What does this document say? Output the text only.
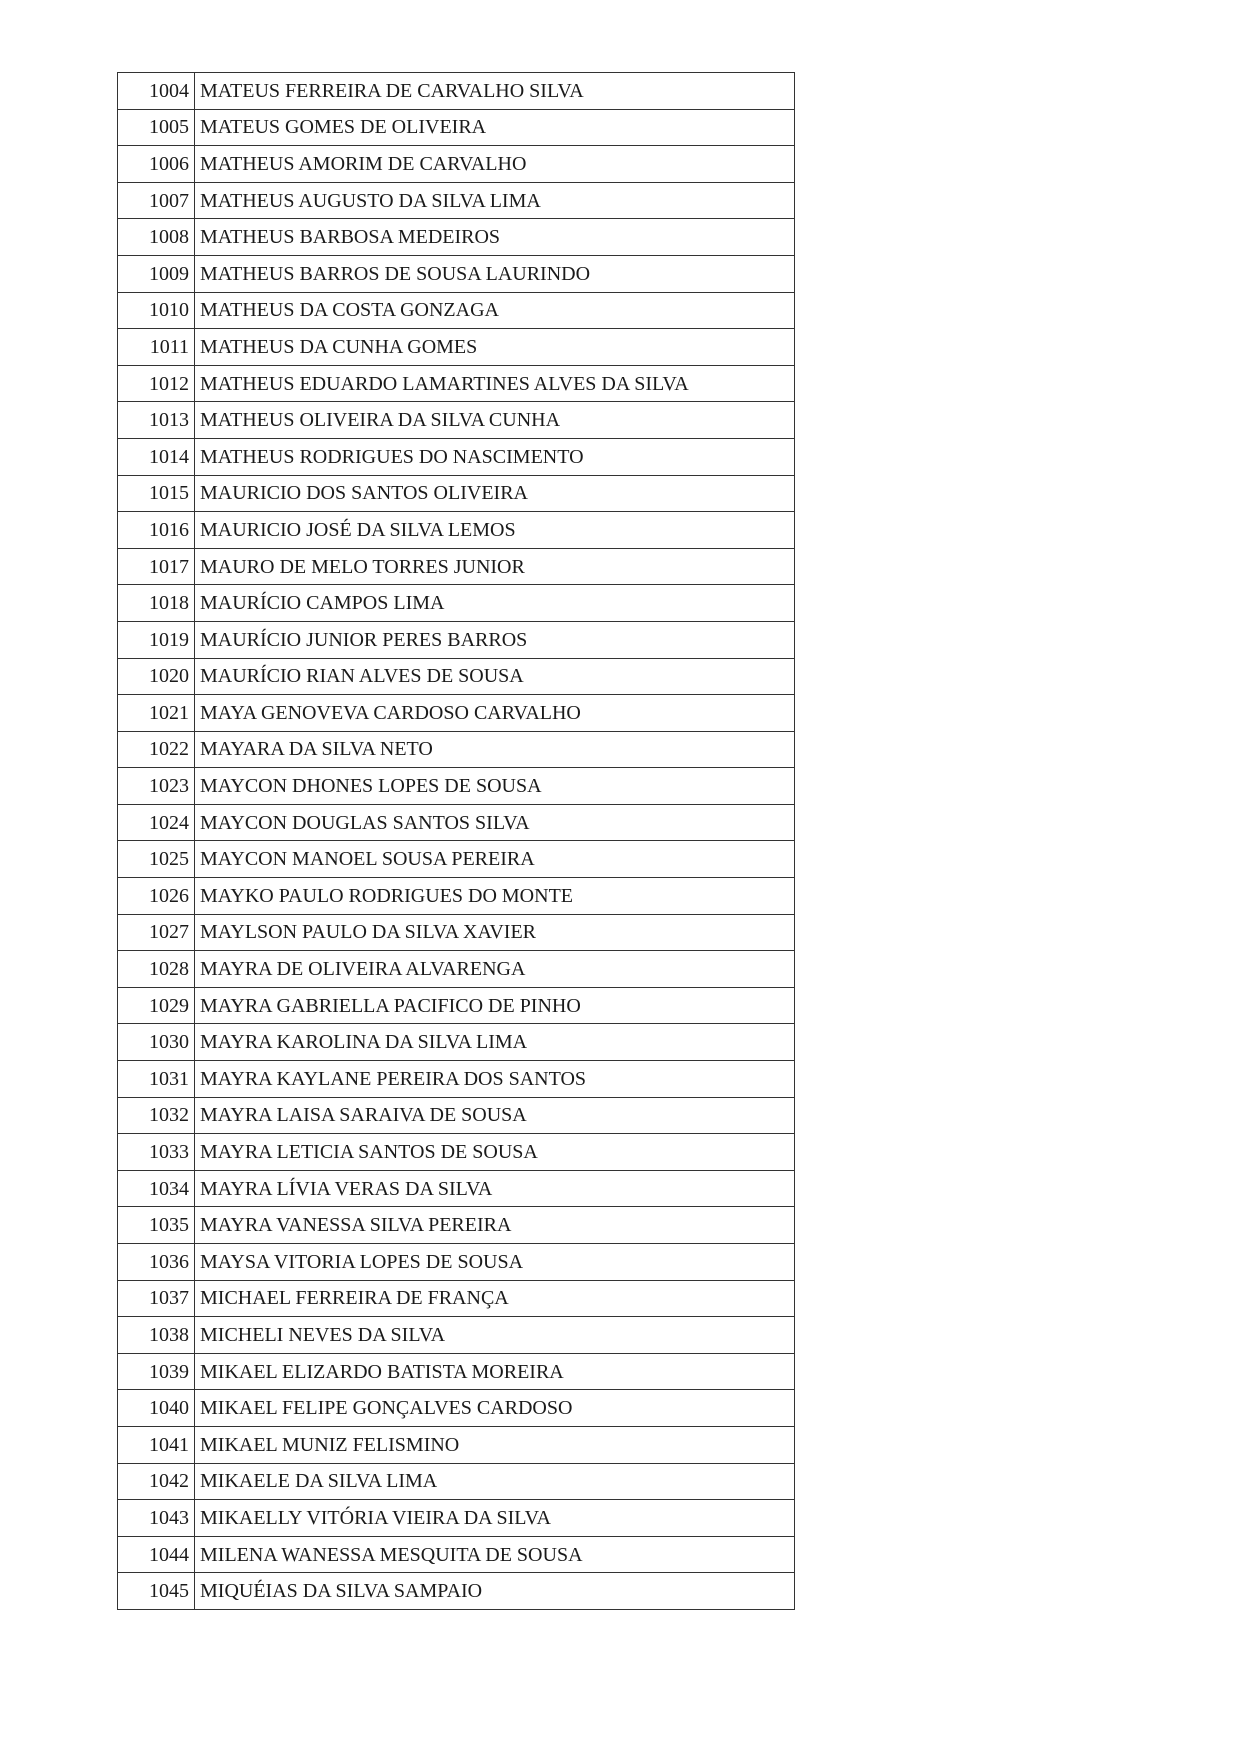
1004	MATEUS FERREIRA DE CARVALHO SILVA
1005	MATEUS GOMES DE OLIVEIRA
1006	MATHEUS AMORIM DE CARVALHO
1007	MATHEUS AUGUSTO DA SILVA LIMA
1008	MATHEUS BARBOSA MEDEIROS
1009	MATHEUS BARROS DE SOUSA LAURINDO
1010	MATHEUS DA COSTA GONZAGA
1011	MATHEUS DA CUNHA GOMES
1012	MATHEUS EDUARDO LAMARTINES ALVES DA SILVA
1013	MATHEUS OLIVEIRA DA SILVA CUNHA
1014	MATHEUS RODRIGUES DO NASCIMENTO
1015	MAURICIO DOS SANTOS OLIVEIRA
1016	MAURICIO JOSÉ DA SILVA LEMOS
1017	MAURO DE MELO TORRES JUNIOR
1018	MAURÍCIO CAMPOS LIMA
1019	MAURÍCIO JUNIOR PERES BARROS
1020	MAURÍCIO RIAN ALVES DE SOUSA
1021	MAYA GENOVEVA CARDOSO CARVALHO
1022	MAYARA DA SILVA NETO
1023	MAYCON DHONES LOPES DE SOUSA
1024	MAYCON DOUGLAS SANTOS SILVA
1025	MAYCON MANOEL SOUSA PEREIRA
1026	MAYKO PAULO RODRIGUES DO MONTE
1027	MAYLSON PAULO DA SILVA XAVIER
1028	MAYRA DE OLIVEIRA ALVARENGA
1029	MAYRA GABRIELLA PACIFICO DE PINHO
1030	MAYRA KAROLINA DA SILVA LIMA
1031	MAYRA KAYLANE PEREIRA DOS SANTOS
1032	MAYRA LAISA SARAIVA DE SOUSA
1033	MAYRA LETICIA SANTOS DE SOUSA
1034	MAYRA LÍVIA VERAS DA SILVA
1035	MAYRA VANESSA SILVA PEREIRA
1036	MAYSA VITORIA LOPES DE SOUSA
1037	MICHAEL FERREIRA DE FRANÇA
1038	MICHELI NEVES DA SILVA
1039	MIKAEL ELIZARDO BATISTA MOREIRA
1040	MIKAEL FELIPE GONÇALVES CARDOSO
1041	MIKAEL MUNIZ FELISMINO
1042	MIKAELE DA SILVA LIMA
1043	MIKAELLY VITÓRIA VIEIRA DA SILVA
1044	MILENA WANESSA MESQUITA DE SOUSA
1045	MIQUÉIAS DA SILVA SAMPAIO
